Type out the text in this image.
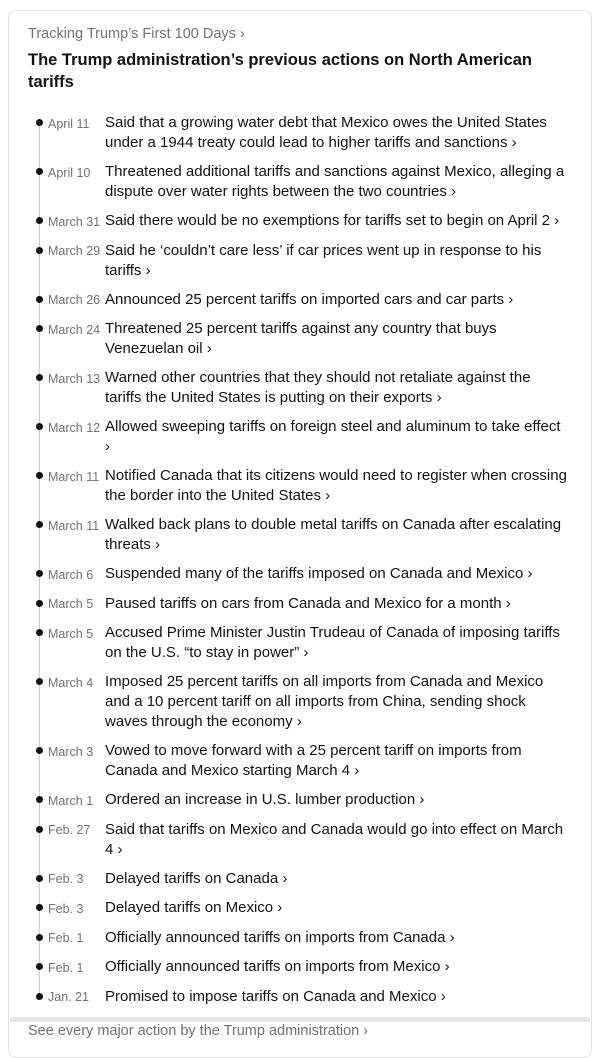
Tracking Trump’s First 100 Days ›
The Trump administration’s previous actions on North American tariffs
April 11	Said that a growing water debt that Mexico owes the United States under a 1944 treaty could lead to higher tariffs and sanctions ›
April 10 Threatened additional tariffs and sanctions against Mexico, alleging a dispute over water rights between the two countries ›
March 31 Said there would be no exemptions for tariffs set to begin on April 2 ›
March 29 Said he ‘couldn’t care less’ if car prices went up in response to his tariffs ›
March 26 Announced 25 percent tariffs on imported cars and car parts ›
March 24 Threatened 25 percent tariffs against any country that buys Venezuelan oil ›
March 13 Warned other countries that they should not retaliate against the tariffs the United States is putting on their exports ›
March 12 Allowed sweeping tariffs on foreign steel and aluminum to take effect ›
March 11 Notified Canada that its citizens would need to register when crossing the border into the United States ›
March 11 Walked back plans to double metal tariffs on Canada after escalating threats ›
March 6 Suspended many of the tariffs imposed on Canada and Mexico ›
March 5 Paused tariffs on cars from Canada and Mexico for a month ›
March 5 Accused Prime Minister Justin Trudeau of Canada of imposing tariffs on the U.S. “to stay in power” ›
March 4 Imposed 25 percent tariffs on all imports from Canada and Mexico and a 10 percent tariff on all imports from China, sending shock waves through the economy ›
March 3 Vowed to move forward with a 25 percent tariff on imports from Canada and Mexico starting March 4 ›
March 1 Ordered an increase in U.S. lumber production ›
Feb. 27 Said that tariffs on Mexico and Canada would go into effect on March 4 ›
Feb. 3	Delayed tariffs on Canada ›
Feb. 3	Delayed tariffs on Mexico ›
Feb. 1	Officially announced tariffs on imports from Canada ›
Feb. 1	Officially announced tariffs on imports from Mexico ›
Jan. 21	Promised to impose tariffs on Canada and Mexico ›
See every major action by the Trump administration ›
